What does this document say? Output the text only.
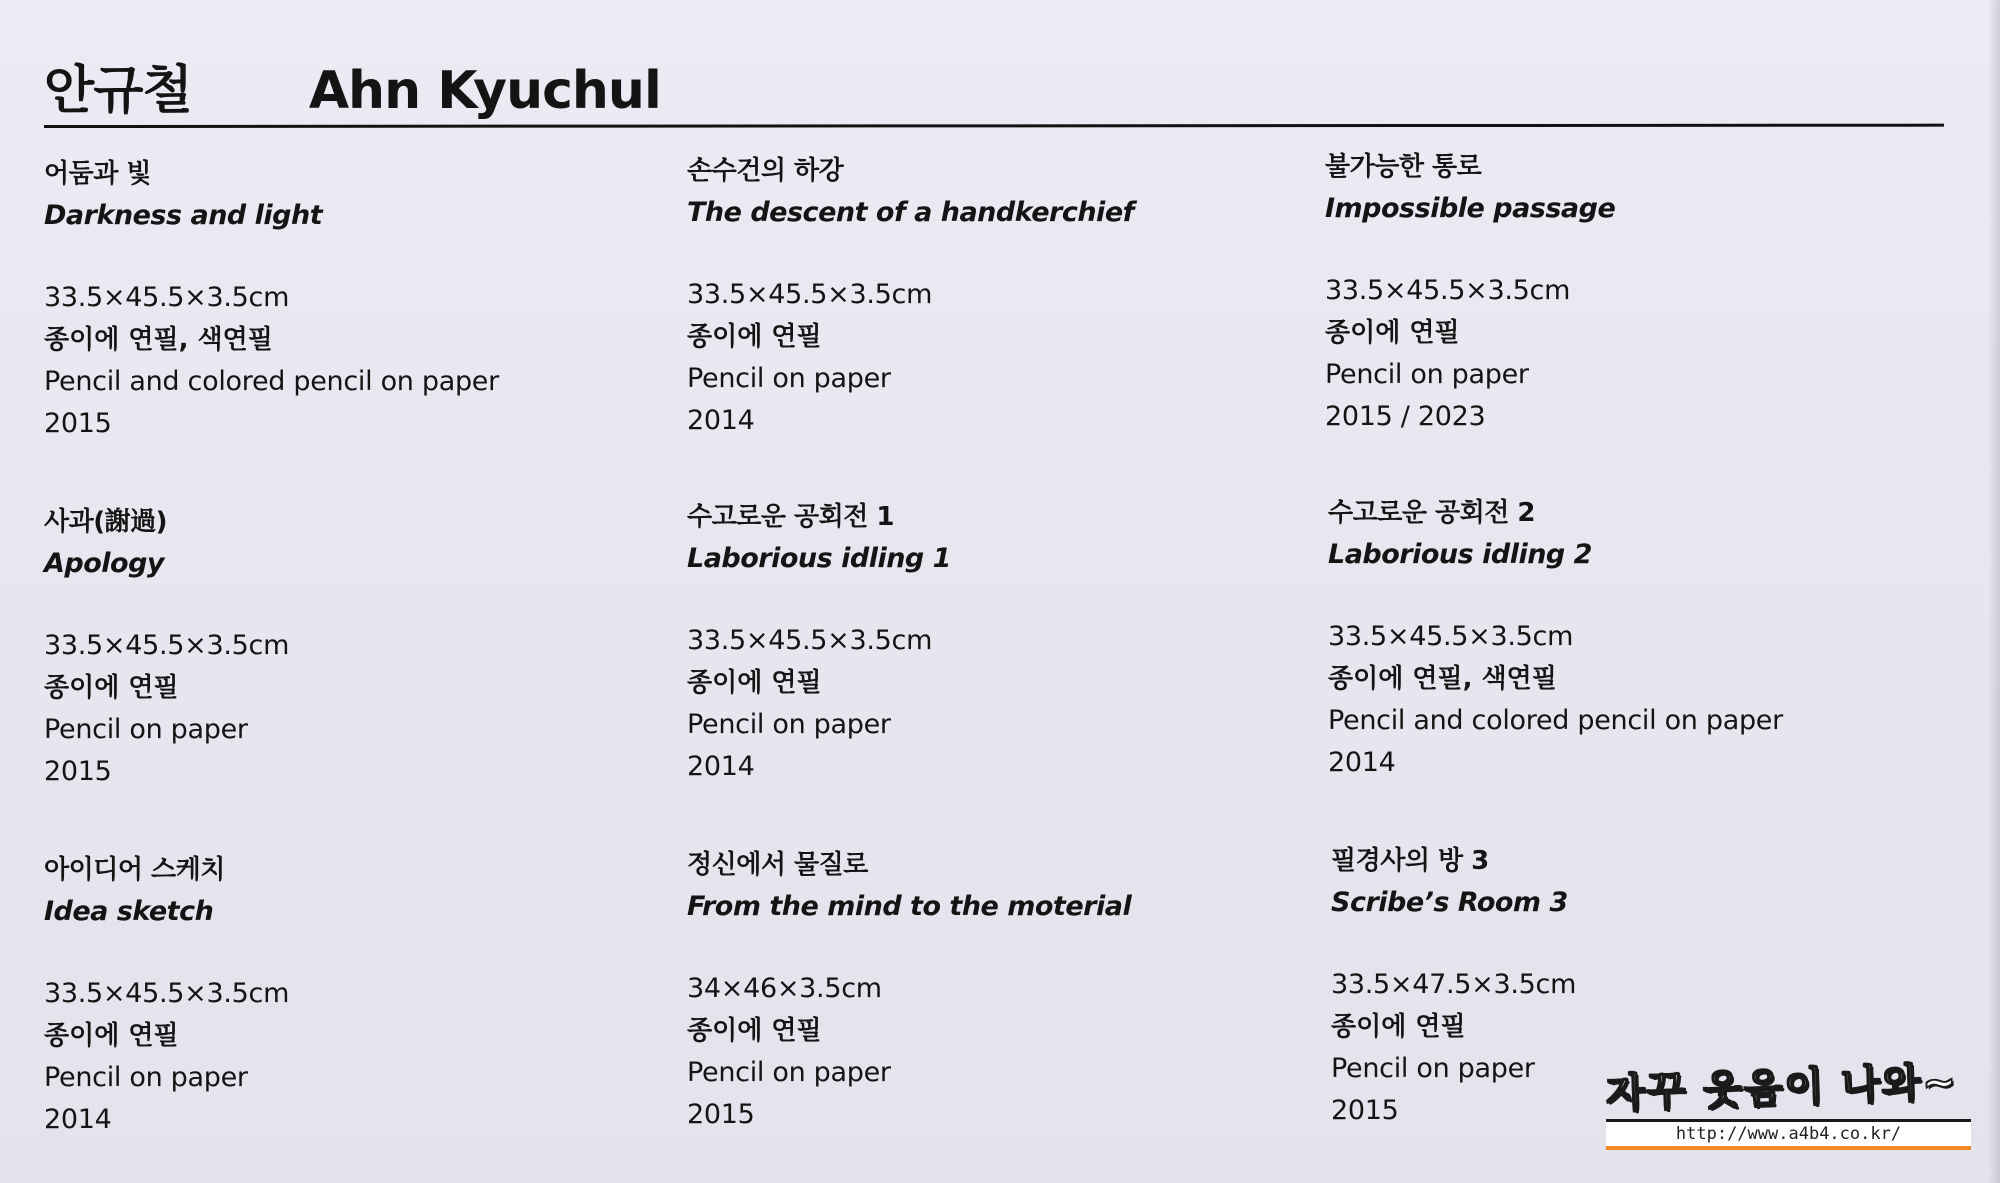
안규철 Ahn Kyuchul
어둠과 빛
Darkness and light
33.5×45.5×3.5cm
종이에 연필, 색연필
Pencil and colored pencil on paper
2015
사과(謝過)
Apology
33.5×45.5×3.5cm
종이에 연필
Pencil on paper
2015
아이디어 스케치
Idea sketch
33.5×45.5×3.5cm
종이에 연필
Pencil on paper
2014
손수건의 하강
The descent of a handkerchief
33.5×45.5×3.5cm
종이에 연필
Pencil on paper
2014
수고로운 공회전 1
Laborious idling 1
33.5×45.5×3.5cm
종이에 연필
Pencil on paper
2014
정신에서 물질로
From the mind to the moterial
34×46×3.5cm
종이에 연필
Pencil on paper
2015
불가능한 통로
Impossible passage
33.5×45.5×3.5cm
종이에 연필
Pencil on paper
2015 / 2023
수고로운 공회전 2
Laborious idling 2
33.5×45.5×3.5cm
종이에 연필, 색연필
Pencil and colored pencil on paper
2014
필경사의 방 3
Scribe’s Room 3
33.5×47.5×3.5cm
종이에 연필
Pencil on paper
2015	자꾸 웃음이 나와~
http://www.a4b4.co.kr/
